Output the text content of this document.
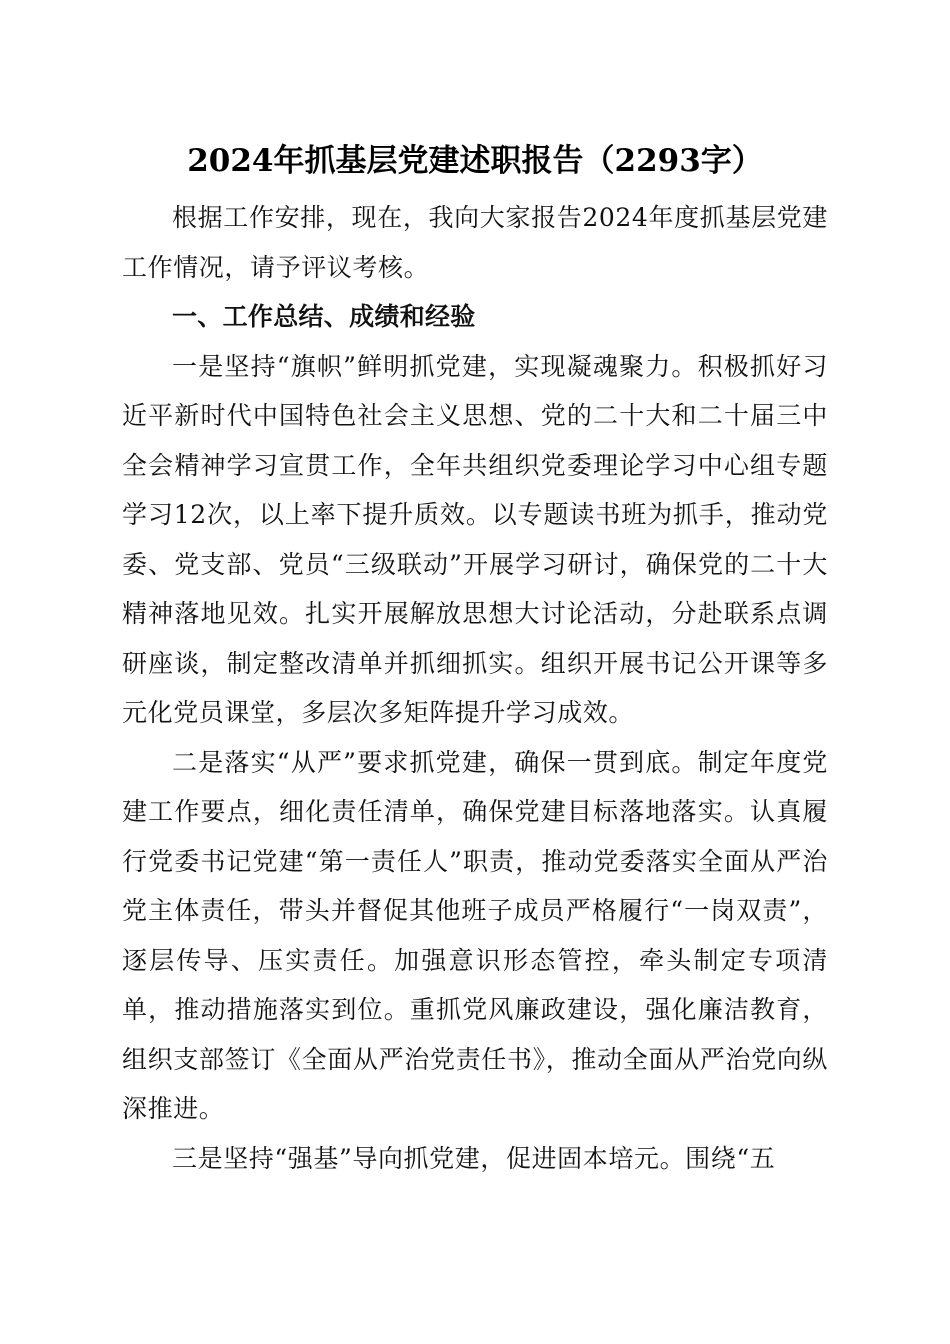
2024年抓基层党建述职报告（2293字）

根据工作安排，现在，我向大家报告2024年度抓基层党建工作情况，请予评议考核。

一、工作总结、成绩和经验

一是坚持“旗帜”鲜明抓党建，实现凝魂聚力。积极抓好习近平新时代中国特色社会主义思想、党的二十大和二十届三中全会精神学习宣贯工作，全年共组织党委理论学习中心组专题学习12次，以上率下提升质效。以专题读书班为抓手，推动党委、党支部、党员“三级联动”开展学习研讨，确保党的二十大精神落地见效。扎实开展解放思想大讨论活动，分赴联系点调研座谈，制定整改清单并抓细抓实。组织开展书记公开课等多元化党员课堂，多层次多矩阵提升学习成效。

二是落实“从严”要求抓党建，确保一贯到底。制定年度党建工作要点，细化责任清单，确保党建目标落地落实。认真履行党委书记党建“第一责任人”职责，推动党委落实全面从严治党主体责任，带头并督促其他班子成员严格履行“一岗双责”，逐层传导、压实责任。加强意识形态管控，牵头制定专项清单，推动措施落实到位。重抓党风廉政建设，强化廉洁教育，组织支部签订《全面从严治党责任书》，推动全面从严治党向纵深推进。

三是坚持“强基”导向抓党建，促进固本培元。围绕“五
